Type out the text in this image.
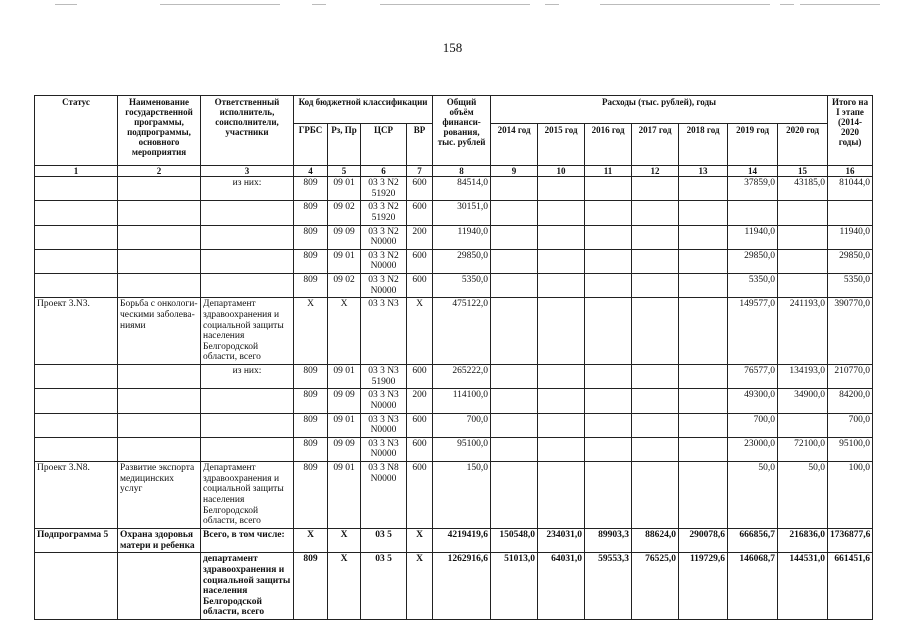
158
Статус	Наименование государственной программы, подпрограммы, основного мероприятия	Ответственный исполнитель, соисполнители, участники	Код бюджетной классификации				Общий объём финанси-рования, тыс. рублей	Расходы (тыс. рублей), годы							Итого на I этапе (2014-2020 годы)
			ГРБС	Рз, Пр	ЦСР	ВР		2014 год	2015 год	2016 год	2017 год	2018 год	2019 год	2020 год	
1	2	3	4	5	6	7	8	9	10	11	12	13	14	15	16
		из них:	809	09 01	03 3 N2 51920	600	84514,0						37859,0	43185,0	81044,0
			809	09 02	03 3 N2 51920	600	30151,0								
			809	09 09	03 3 N2 N0000	200	11940,0						11940,0		11940,0
			809	09 01	03 3 N2 N0000	600	29850,0						29850,0		29850,0
			809	09 02	03 3 N2 N0000	600	5350,0						5350,0		5350,0
Проект 3.N3.	Борьба с онкологи-ческими заболева-ниями	Департамент здравоохранения и социальной защиты населения Белгородской области, всего	Х	Х	03 3 N3	Х	475122,0						149577,0	241193,0	390770,0
		из них:	809	09 01	03 3 N3 51900	600	265222,0						76577,0	134193,0	210770,0
			809	09 09	03 3 N3 N0000	200	114100,0						49300,0	34900,0	84200,0
			809	09 01	03 3 N3 N0000	600	700,0						700,0		700,0
			809	09 09	03 3 N3 N0000	600	95100,0						23000,0	72100,0	95100,0
Проект 3.N8.	Развитие экспорта медицинских услуг	Департамент здравоохранения и социальной защиты населения Белгородской области, всего	809	09 01	03 3 N8 N0000	600	150,0						50,0	50,0	100,0
Подпрограмма 5	Охрана здоровья матери и ребенка	Всего, в том числе:	Х	Х	03 5	Х	4219419,6	150548,0	234031,0	89903,3	88624,0	290078,6	666856,7	216836,0	1736877,6
		департамент здравоохранения и социальной защиты населения Белгородской области, всего	809	Х	03 5	Х	1262916,6	51013,0	64031,0	59553,3	76525,0	119729,6	146068,7	144531,0	661451,6
